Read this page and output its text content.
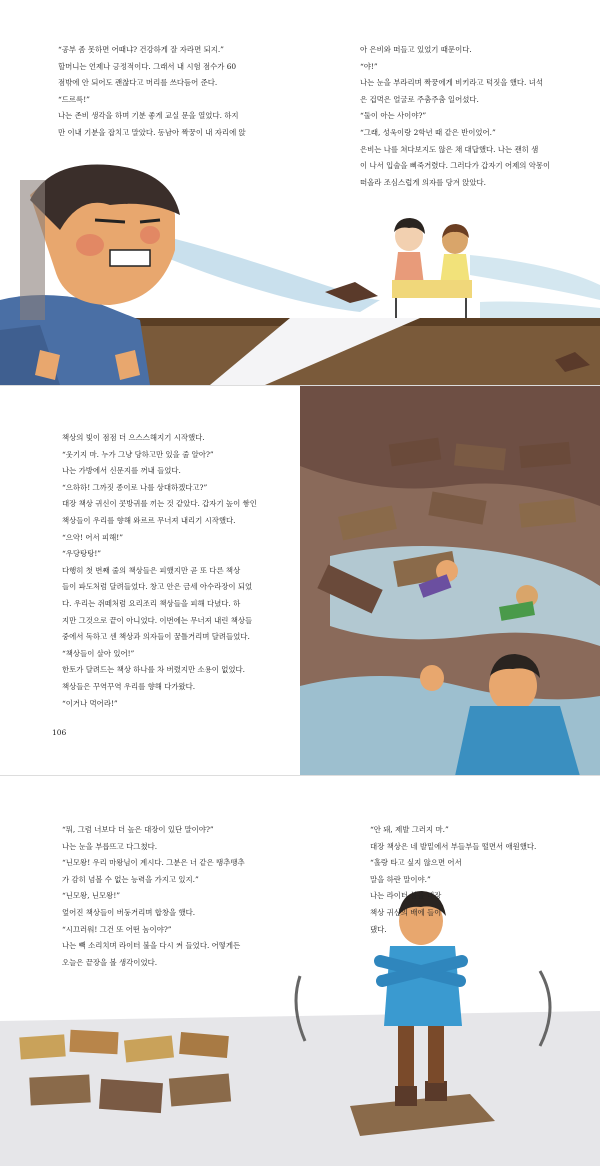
“공부 좀 못하면 어때냐? 건강하게 잘 자라면 되지.”

할머니는 언제나 긍정적이다. 그래서 내 시험 점수가 60

점밖에 안 되어도 괜찮다고 머리를 쓰다듬어 준다.

“드르륵!”

나는 존비 생각을 하며 기분 좋게 교실 문을 열었다. 하지

만 이내 기분을 잡치고 말았다. 동남아 짝꿍이 내 자리에 앉

아 은비와 떠들고 있었기 때문이다.

“야!”

나는 눈을 부라리며 짝꿍에게 비키라고 턱짓을 했다. 녀석

은 겁먹은 얼굴로 주춤주춤 일어섰다.

“둘이 아는 사이야?”

“그래, 성욱이랑 2학년 때 같은 반이었어.”

은비는 나를 쳐다보지도 않은 채 대답했다. 나는 괜히 샘

이 나서 입술을 삐죽거렸다. 그러다가 갑자기 어제의 악몽이

떠올라 조심스럽게 의자를 당겨 앉았다.

책상의 빛이 점점 더 으스스해지기 시작했다.

“웃기지 마. 누가 그냥 당하고만 있을 줄 알아?”

나는 가방에서 신문지를 꺼내 들었다.

“으하하! 그까짓 종이로 나를 상대하겠다고?”

대장 책상 귀신이 콧방귀를 끼는 것 같았다. 갑자기 높이 쌓인

책상들이 우리를 향해 와르르 무너져 내리기 시작했다.

“으악! 어서 피해!”

“우당탕탕!”

다행히 첫 번째 줄의 책상들은 피했지만 곧 또 다른 책상

들이 파도처럼 달려들었다. 창고 안은 금세 아수라장이 되었

다. 우리는 쥐떼처럼 요리조리 책상들을 피해 다녔다. 하

지만 그것으로 끝이 아니었다. 이번에는 무너져 내린 책상들

중에서 독하고 센 책상과 의자들이 꿈틀거리며 달려들었다.

“책상들이 살아 있어!”

한토가 달려드는 책상 하나를 차 버렸지만 소용이 없었다.

책상들은 꾸역꾸역 우리를 향해 다가왔다.

“이거나 먹어라!”

106

“뭐, 그럼 너보다 더 높은 대장이 있단 말이야?”

나는 눈을 부릅뜨고 다그쳤다.

“닌모왕! 우리 마왕님이 계시다. 그분은 너 같은 땡추땡추

가 감히 넘볼 수 없는 능력을 가지고 있지.”

“닌모왕, 닌모왕!”

엎어진 책상들이 버둥거리며 합창을 했다.

“시끄러워! 그건 또 어떤 놈이야?”

나는 빽 소리치며 라이터 불을 다시 켜 들었다. 어떻게든

오늘은 끝장을 볼 생각이었다.

“안 돼, 제발 그러지 마.”

대장 책상은 네 발밑에서 부들부들 떨면서 애원했다.

“홀랑 타고 싶지 않으면 어서

말을 하란 말이야.”

나는 라이터 불을 대장

책상 귀신의 배에 들이

댔다.
